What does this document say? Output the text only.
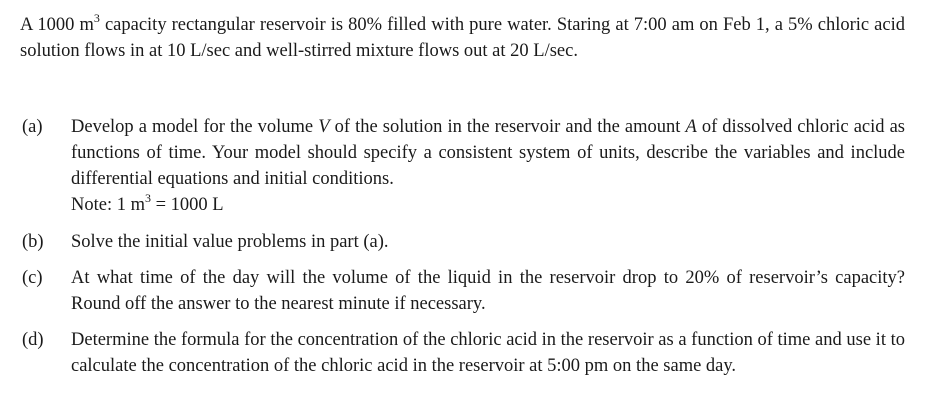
A 1000 $m^3$ capacity rectangular reservoir is 80% filled with pure water. Staring at 7:00 am on Feb 1, a 5% chloric acid solution flows in at 10 L/sec and well-stirred mixture flows out at 20 L/sec.
(a)	Develop a model for the volume V of the solution in the reservoir and the amount A of dissolved chloric acid as functions of time. Your model should specify a consistent system of units, describe the variables and include differential equations and initial conditions.
Note: 1 $m^3 = 1000$ L
(b)	Solve the initial value problems in part (a).
(c)	At what time of the day will the volume of the liquid in the reservoir drop to 20% of reservoir’s capacity? Round off the answer to the nearest minute if necessary.
(d)	Determine the formula for the concentration of the chloric acid in the reservoir as a function of time and use it to calculate the concentration of the chloric acid in the reservoir at 5:00 pm on the same day.
